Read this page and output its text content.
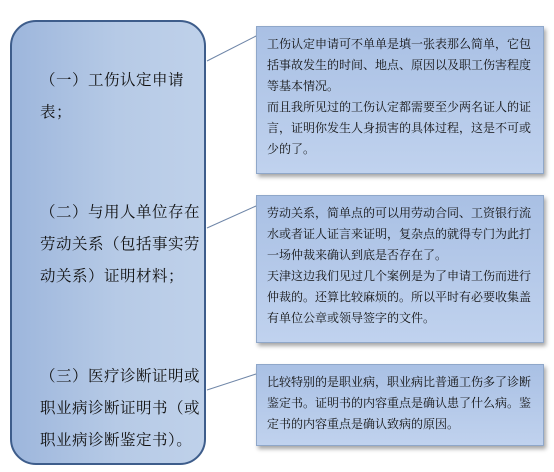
（一）工伤认定申请表；
（二）与用人单位存在劳动关系（包括事实劳动关系）证明材料；
（三）医疗诊断证明或职业病诊断证明书（或职业病诊断鉴定书）。

工伤认定申请可不单单是填一张表那么简单，它包括事故发生的时间、地点、原因以及职工伤害程度等基本情况。

而且我所见过的工伤认定都需要至少两名证人的证言，证明你发生人身损害的具体过程，这是不可或少的了。

劳动关系，简单点的可以用劳动合同、工资银行流水或者证人证言来证明，复杂点的就得专门为此打一场仲裁来确认到底是否存在了。

天津这边我们见过几个案例是为了申请工伤而进行仲裁的。还算比较麻烦的。所以平时有必要收集盖有单位公章或领导签字的文件。

比较特别的是职业病，职业病比普通工伤多了诊断鉴定书。证明书的内容重点是确认患了什么病。鉴定书的内容重点是确认致病的原因。
